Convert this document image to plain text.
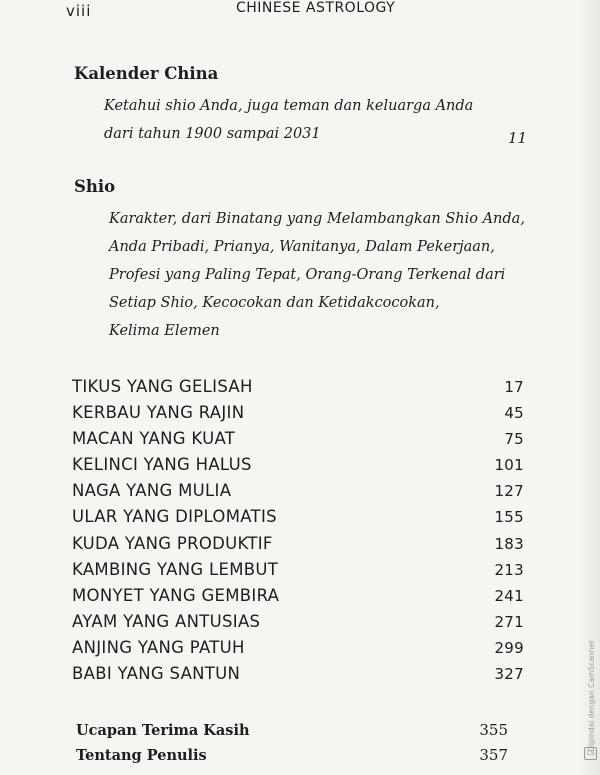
viii	CHINESE ASTROLOGY
Kalender China
Ketahui shio Anda, juga teman dan keluarga Anda
dari tahun 1900 sampai 2031	11
Shio
Karakter, dari Binatang yang Melambangkan Shio Anda,
Anda Pribadi, Prianya, Wanitanya, Dalam Pekerjaan,
Profesi yang Paling Tepat, Orang-Orang Terkenal dari
Setiap Shio, Kecocokan dan Ketidakcocokan,
Kelima Elemen
TIKUS YANG GELISAH	17
KERBAU YANG RAJIN	45
MACAN YANG KUAT	75
KELINCI YANG HALUS	101
NAGA YANG MULIA	127
ULAR YANG DIPLOMATIS	155
KUDA YANG PRODUKTIF	183
KAMBING YANG LEMBUT	213
MONYET YANG GEMBIRA	241
AYAM YANG ANTUSIAS	271
ANJING YANG PATUH	299
BABI YANG SANTUN	327
Ucapan Terima Kasih	355
Tentang Penulis	357
Dipindai dengan CamScanner
CS
